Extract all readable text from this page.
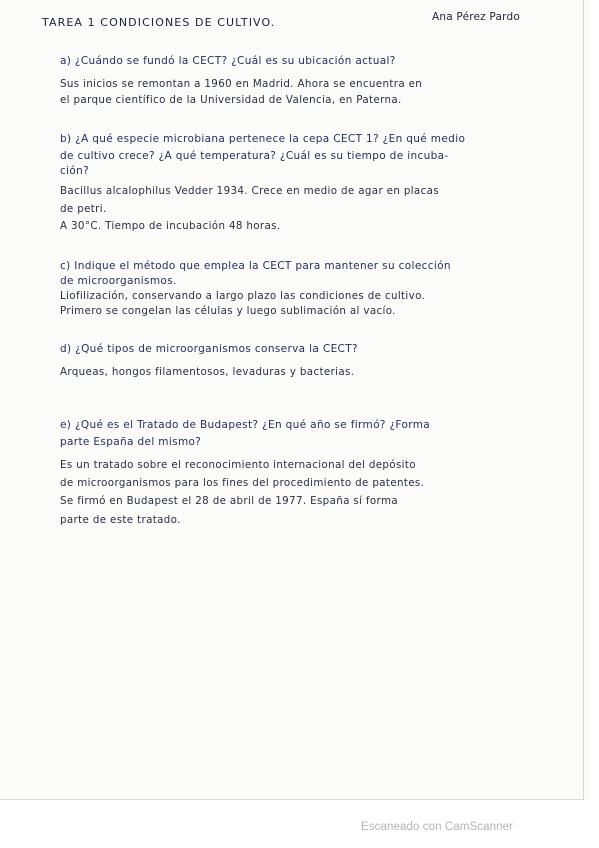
TAREA 1 CONDICIONES DE CULTIVO.	Ana Pérez Pardo
a) ¿Cuándo se fundó la CECT? ¿Cuál es su ubicación actual?
Sus inicios se remontan a 1960 en Madrid. Ahora se encuentra en
el parque científico de la Universidad de Valencia, en Paterna.
b) ¿A qué especie microbiana pertenece la cepa CECT 1? ¿En qué medio
de cultivo crece? ¿A qué temperatura? ¿Cuál es su tiempo de incuba-
ción?
Bacillus alcalophilus Vedder 1934. Crece en medio de agar en placas
de petri.
A 30°C. Tiempo de incubación 48 horas.
c) Indique el método que emplea la CECT para mantener su colección
de microorganismos.
Liofilización, conservando a largo plazo las condiciones de cultivo.
Primero se congelan las células y luego sublimación al vacío.
d) ¿Qué tipos de microorganismos conserva la CECT?
Arqueas, hongos filamentosos, levaduras y bacterias.
e) ¿Qué es el Tratado de Budapest? ¿En qué año se firmó? ¿Forma
parte España del mismo?
Es un tratado sobre el reconocimiento internacional del depósito
de microorganismos para los fines del procedimiento de patentes.
Se firmó en Budapest el 28 de abril de 1977. España sí forma
parte de este tratado.
Escaneado con CamScanner
